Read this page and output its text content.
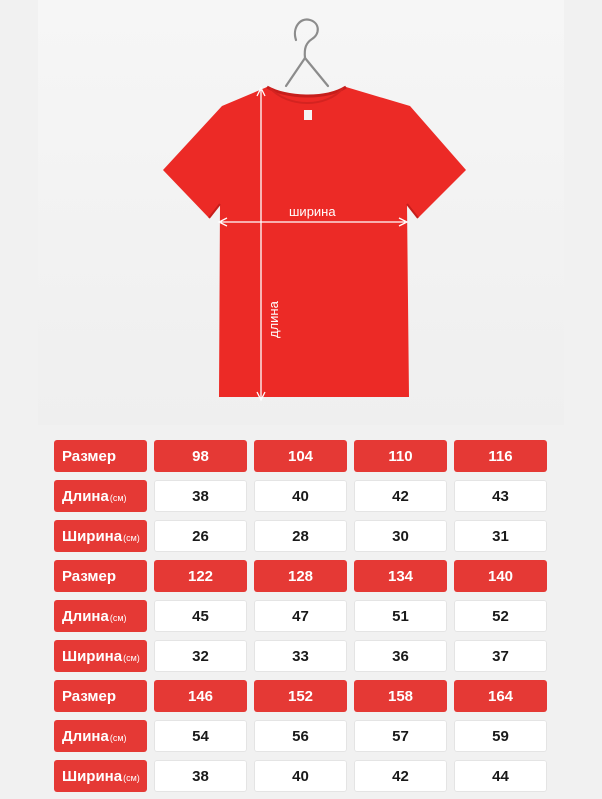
ширина
длина
Размер	98	104	110	116
Длина (см)	38	40	42	43
Ширина (см)	26	28	30	31
Размер	122	128	134	140
Длина (см)	45	47	51	52
Ширина (см)	32	33	36	37
Размер	146	152	158	164
Длина (см)	54	56	57	59
Ширина (см)	38	40	42	44
